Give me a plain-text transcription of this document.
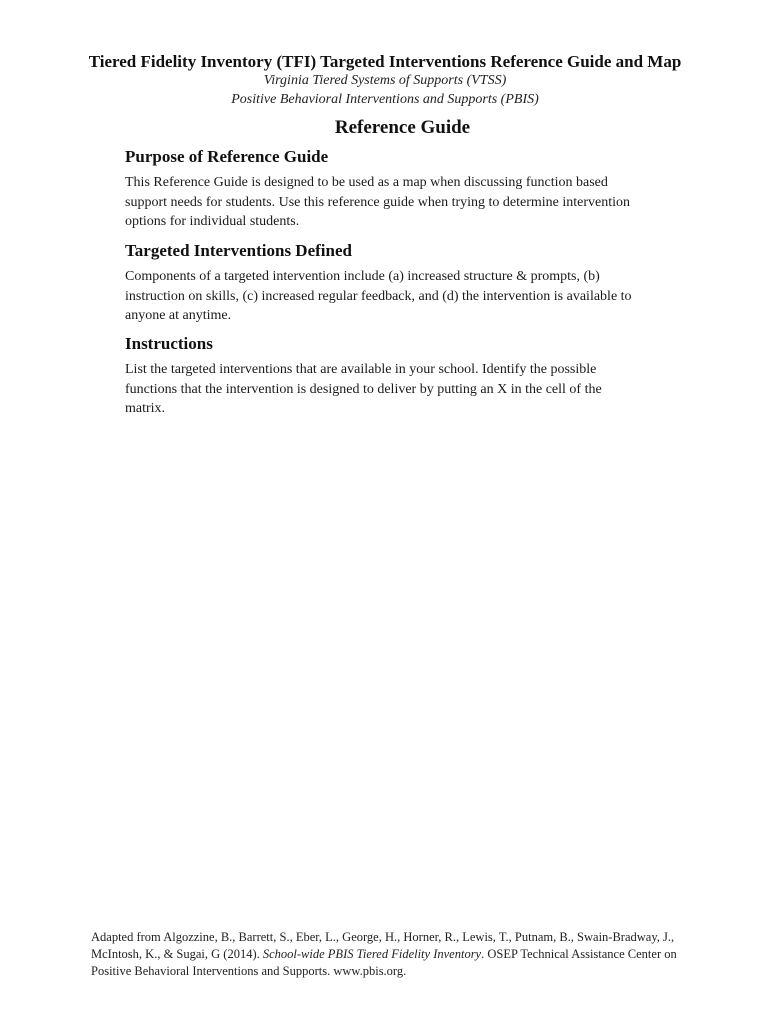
Tiered Fidelity Inventory (TFI) Targeted Interventions Reference Guide and Map
Virginia Tiered Systems of Supports (VTSS)
Positive Behavioral Interventions and Supports (PBIS)
Reference Guide
Purpose of Reference Guide

This Reference Guide is designed to be used as a map when discussing function based support needs for students. Use this reference guide when trying to determine intervention options for individual students.

Targeted Interventions Defined

Components of a targeted intervention include (a) increased structure & prompts, (b) instruction on skills, (c) increased regular feedback, and (d) the intervention is available to anyone at anytime.

Instructions

List the targeted interventions that are available in your school. Identify the possible functions that the intervention is designed to deliver by putting an X in the cell of the matrix.

Adapted from Algozzine, B., Barrett, S., Eber, L., George, H., Horner, R., Lewis, T., Putnam, B., Swain-Bradway, J., McIntosh, K., & Sugai, G (2014). School-wide PBIS Tiered Fidelity Inventory. OSEP Technical Assistance Center on Positive Behavioral Interventions and Supports. www.pbis.org.
